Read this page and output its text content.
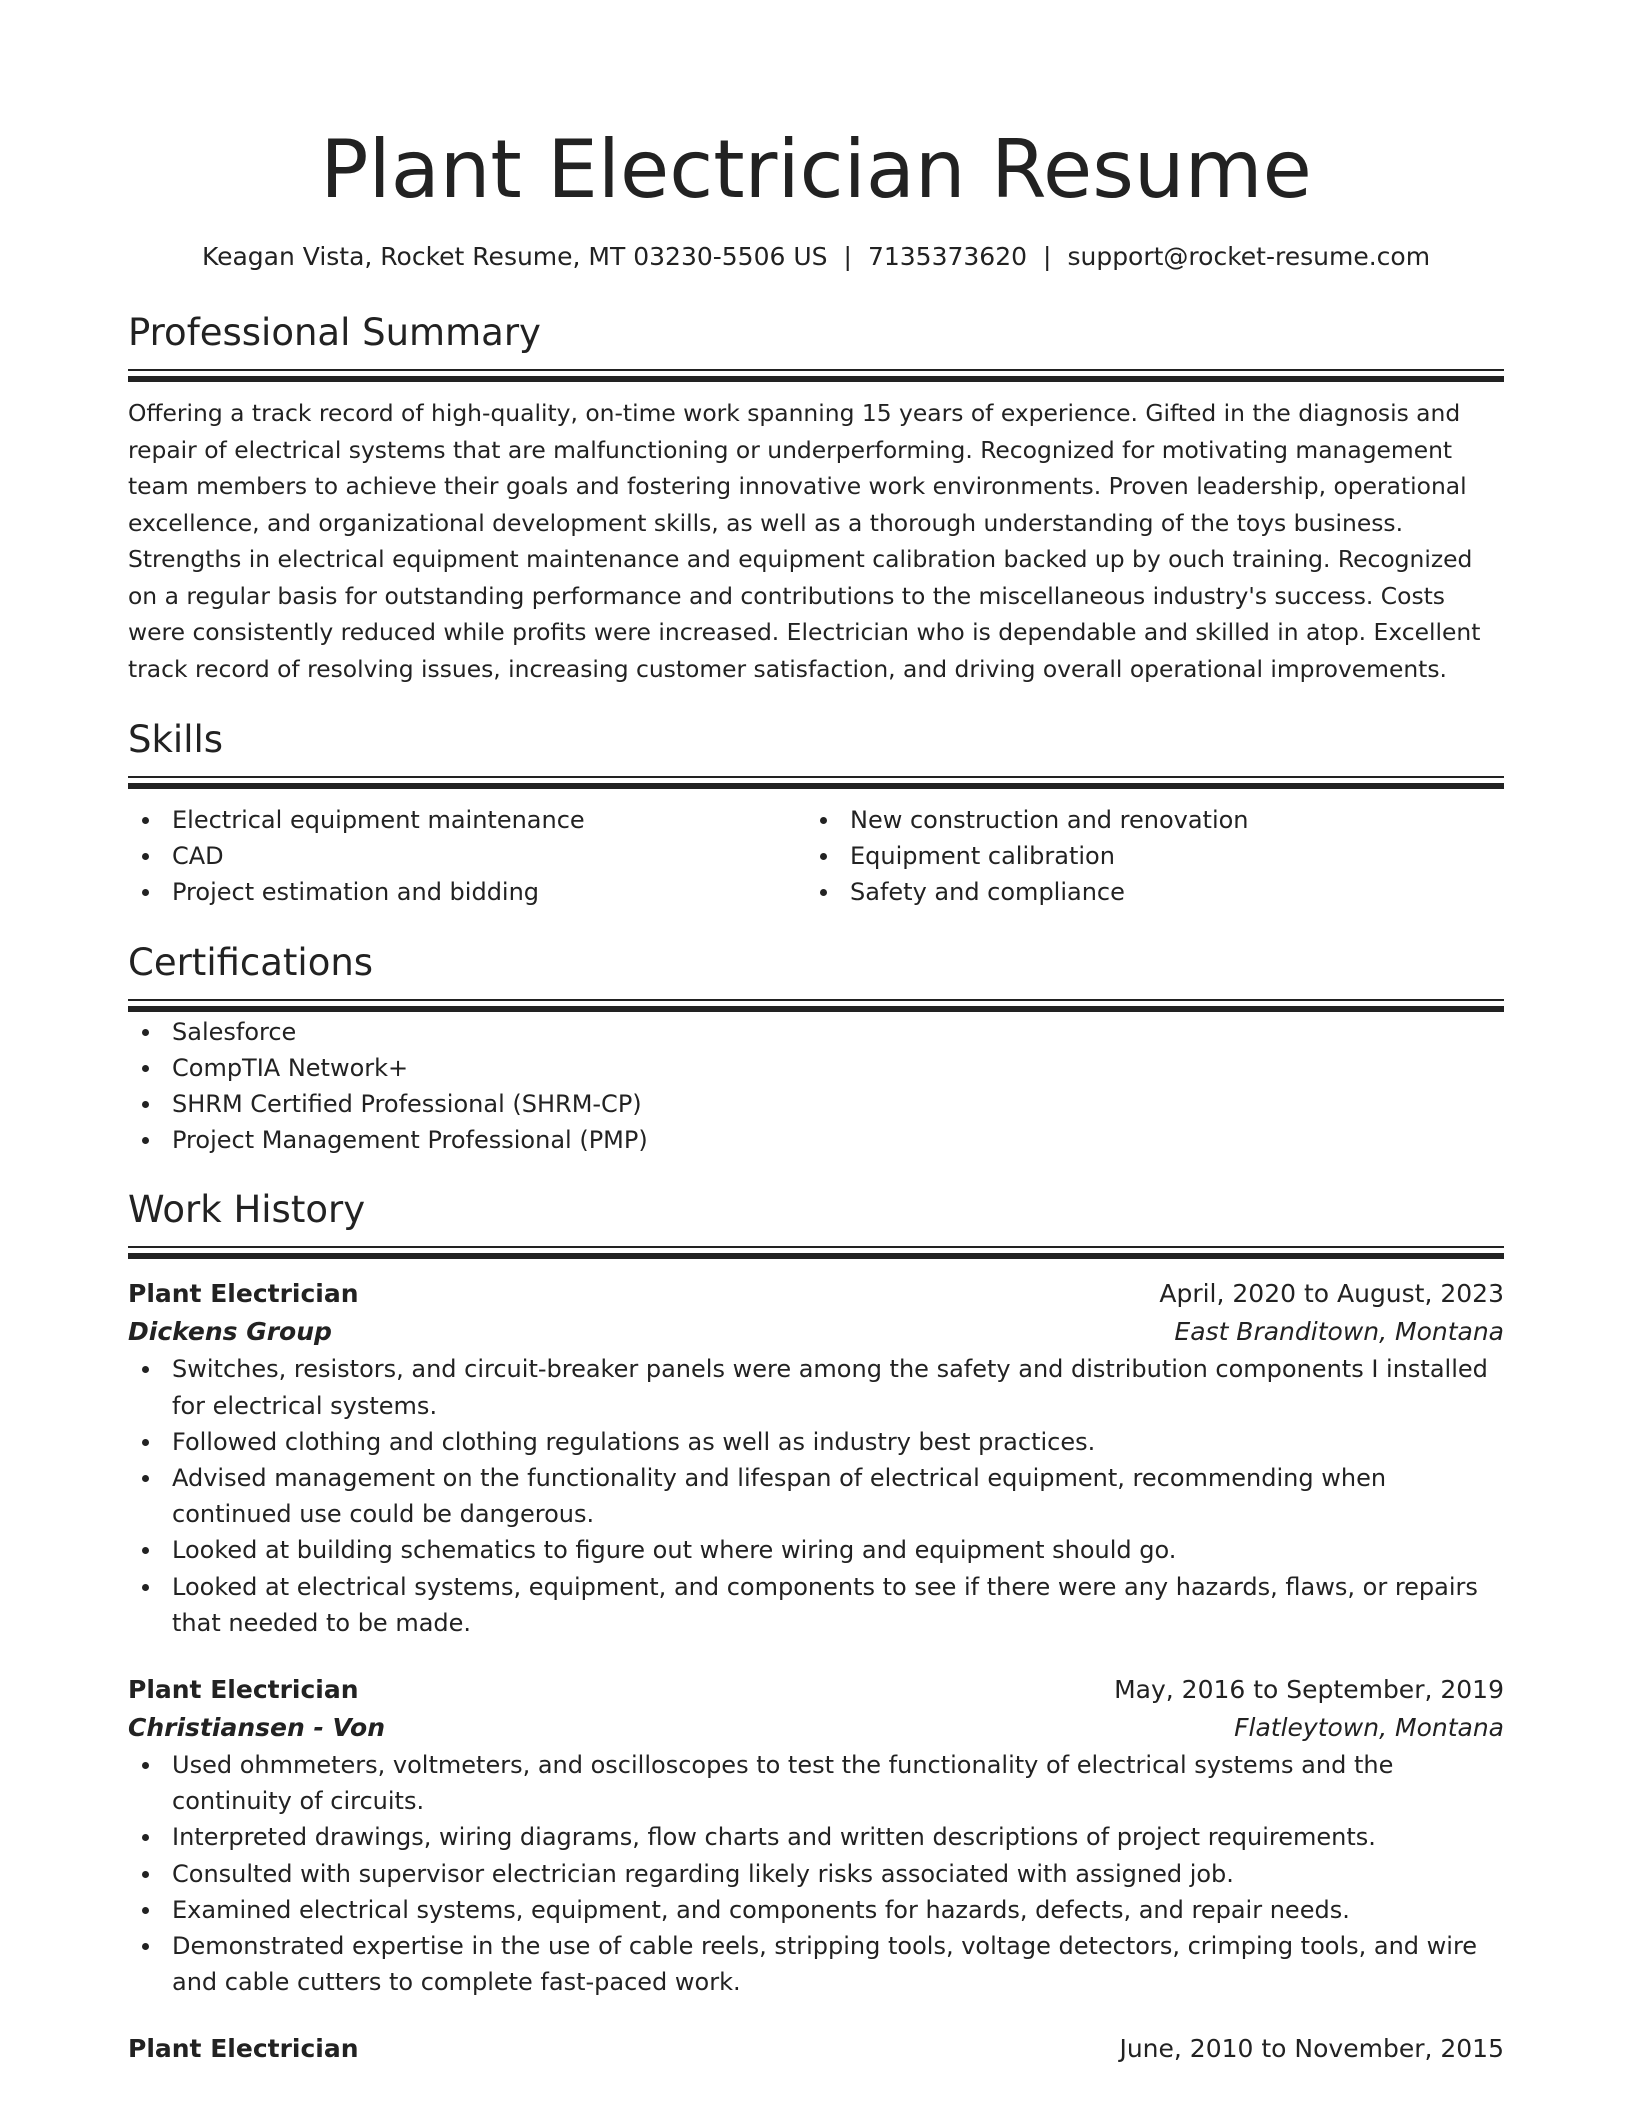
Plant Electrician Resume
Keagan Vista, Rocket Resume, MT 03230-5506 US | 7135373620 | support@rocket-resume.com
Professional Summary

Offering a track record of high-quality, on-time work spanning 15 years of experience. Gifted in the diagnosis and repair of electrical systems that are malfunctioning or underperforming. Recognized for motivating management team members to achieve their goals and fostering innovative work environments. Proven leadership, operational excellence, and organizational development skills, as well as a thorough understanding of the toys business. Strengths in electrical equipment maintenance and equipment calibration backed up by ouch training. Recognized on a regular basis for outstanding performance and contributions to the miscellaneous industry's success. Costs were consistently reduced while profits were increased. Electrician who is dependable and skilled in atop. Excellent track record of resolving issues, increasing customer satisfaction, and driving overall operational improvements.

Skills
Electrical equipment maintenance
CAD
Project estimation and bidding
New construction and renovation
Equipment calibration
Safety and compliance
Certifications
Salesforce
CompTIA Network+
SHRM Certified Professional (SHRM-CP)
Project Management Professional (PMP)
Work History
Plant Electrician	April, 2020 to August, 2023
Dickens Group	East Branditown, Montana
Switches, resistors, and circuit-breaker panels were among the safety and distribution components I installed for electrical systems.
Followed clothing and clothing regulations as well as industry best practices.
Advised management on the functionality and lifespan of electrical equipment, recommending when continued use could be dangerous.
Looked at building schematics to figure out where wiring and equipment should go.
Looked at electrical systems, equipment, and components to see if there were any hazards, flaws, or repairs that needed to be made.
Plant Electrician	May, 2016 to September, 2019
Christiansen - Von	Flatleytown, Montana
Used ohmmeters, voltmeters, and oscilloscopes to test the functionality of electrical systems and the continuity of circuits.
Interpreted drawings, wiring diagrams, flow charts and written descriptions of project requirements.
Consulted with supervisor electrician regarding likely risks associated with assigned job.
Examined electrical systems, equipment, and components for hazards, defects, and repair needs.
Demonstrated expertise in the use of cable reels, stripping tools, voltage detectors, crimping tools, and wire and cable cutters to complete fast-paced work.
Plant Electrician	June, 2010 to November, 2015
